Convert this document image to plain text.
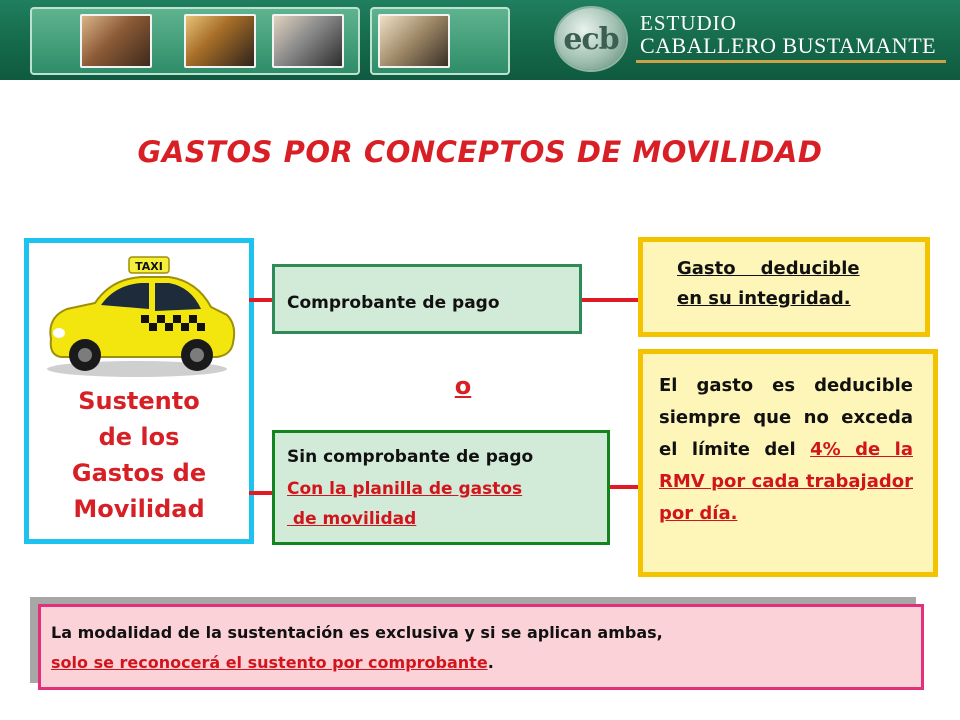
ecb ESTUDIO
CABALLERO BUSTAMANTE
GASTOS POR CONCEPTOS DE MOVILIDAD
TAXI
Sustento
de los
Gastos de
Movilidad
Comprobante de pago
o
Sin comprobante de pago
Con la planilla de gastos
de movilidad
Gasto    deducible
en su integridad.
El gasto es deducible siempre que no exceda el límite del 4% de la RMV por cada trabajador por día.
La modalidad de la sustentación es exclusiva y si se aplican ambas,
solo se reconocerá el sustento por comprobante.
